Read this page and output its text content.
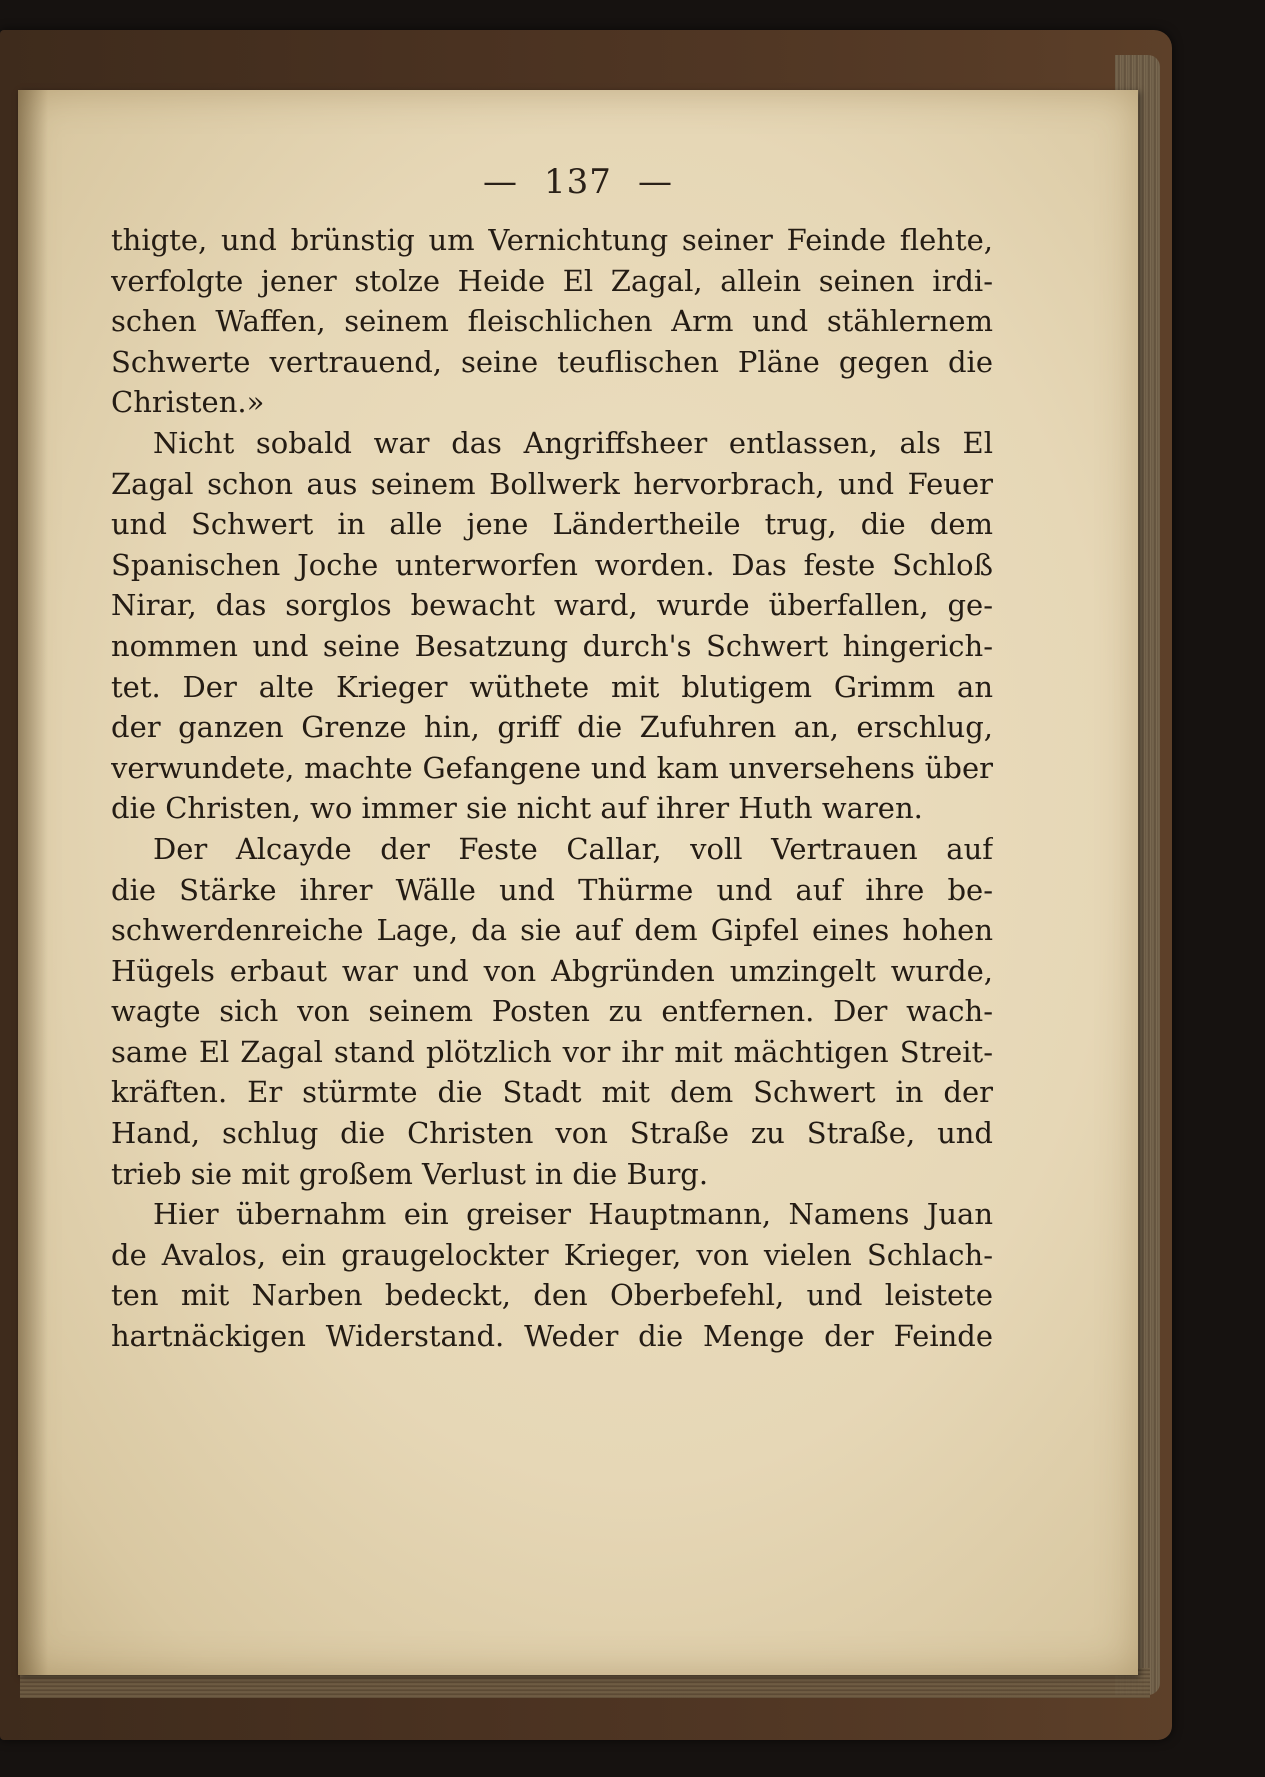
— 137 —
thigte, und brünstig um Vernichtung seiner Feinde flehte,
verfolgte jener stolze Heide El Zagal, allein seinen irdi-
schen Waffen, seinem fleischlichen Arm und stählernem
Schwerte vertrauend, seine teuflischen Pläne gegen die
Christen.»
Nicht sobald war das Angriffsheer entlassen, als El
Zagal schon aus seinem Bollwerk hervorbrach, und Feuer
und Schwert in alle jene Ländertheile trug, die dem
Spanischen Joche unterworfen worden. Das feste Schloß
Nirar, das sorglos bewacht ward, wurde überfallen, ge-
nommen und seine Besatzung durch's Schwert hingerich-
tet. Der alte Krieger wüthete mit blutigem Grimm an
der ganzen Grenze hin, griff die Zufuhren an, erschlug,
verwundete, machte Gefangene und kam unversehens über
die Christen, wo immer sie nicht auf ihrer Huth waren.
Der Alcayde der Feste Callar, voll Vertrauen auf
die Stärke ihrer Wälle und Thürme und auf ihre be-
schwerdenreiche Lage, da sie auf dem Gipfel eines hohen
Hügels erbaut war und von Abgründen umzingelt wurde,
wagte sich von seinem Posten zu entfernen. Der wach-
same El Zagal stand plötzlich vor ihr mit mächtigen Streit-
kräften. Er stürmte die Stadt mit dem Schwert in der
Hand, schlug die Christen von Straße zu Straße, und
trieb sie mit großem Verlust in die Burg.
Hier übernahm ein greiser Hauptmann, Namens Juan
de Avalos, ein graugelockter Krieger, von vielen Schlach-
ten mit Narben bedeckt, den Oberbefehl, und leistete
hartnäckigen Widerstand. Weder die Menge der Feinde
